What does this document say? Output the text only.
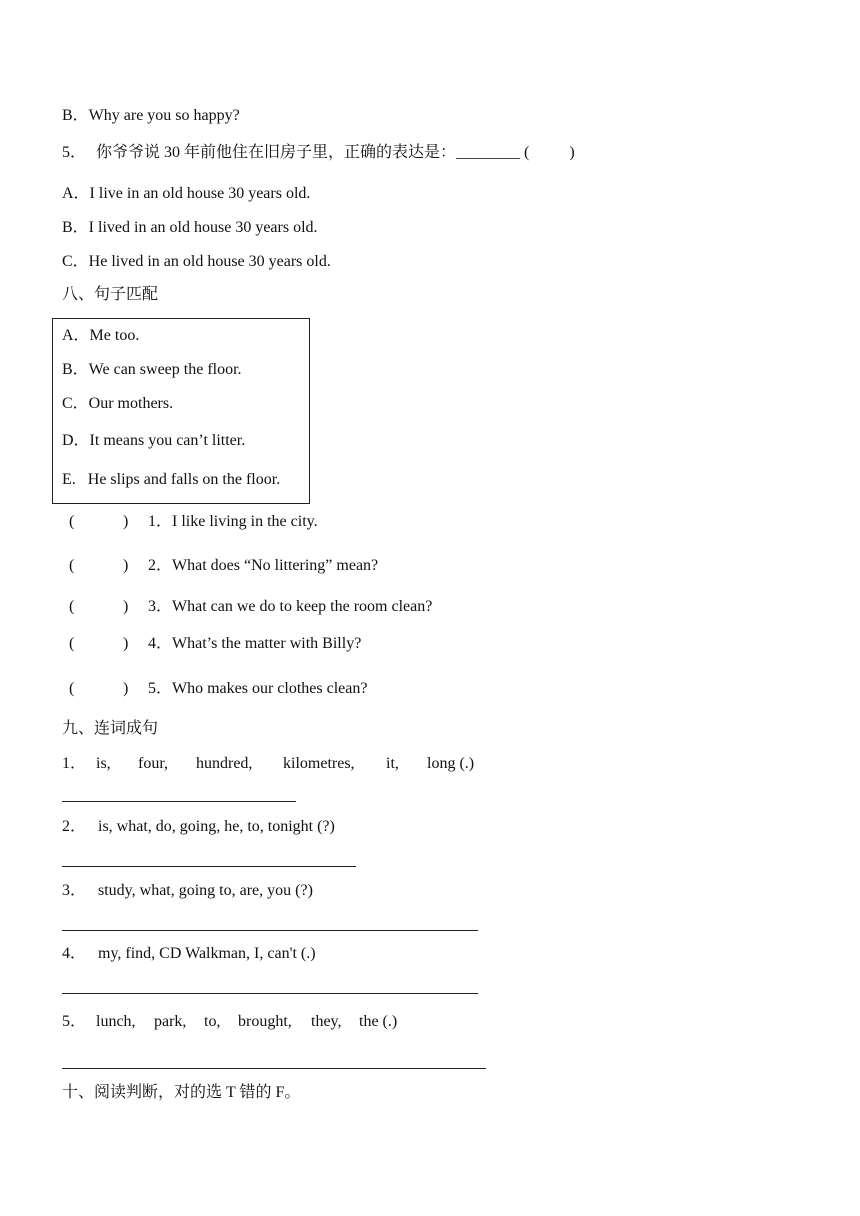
B．Why are you so happy?
5． 你爷爷说 30 年前他住在旧房子里，正确的表达是：________ (          )
A．I live in an old house 30 years old.
B．I lived in an old house 30 years old.
C．He lived in an old house 30 years old.
八、句子匹配
A．Me too.
B．We can sweep the floor.
C．Our mothers.
D．It means you can’t litter.
E.   He slips and falls on the floor.
(	) 1．I like living in the city.
(	) 2．What does “No littering” mean?
(	) 3．What can we do to keep the room clean?
(	) 4．What’s the matter with Billy?
(	) 5．Who makes our clothes clean?
九、连词成句
1． is, four, hundred, kilometres, it, long (.)
2．   is, what, do, going, he, to, tonight (?)
3．   study, what, going to, are, you (?)
4．   my, find, CD Walkman, I, can't (.)
5． lunch, park, to, brought, they, the (.)
十、阅读判断，对的选 T 错的 F。
